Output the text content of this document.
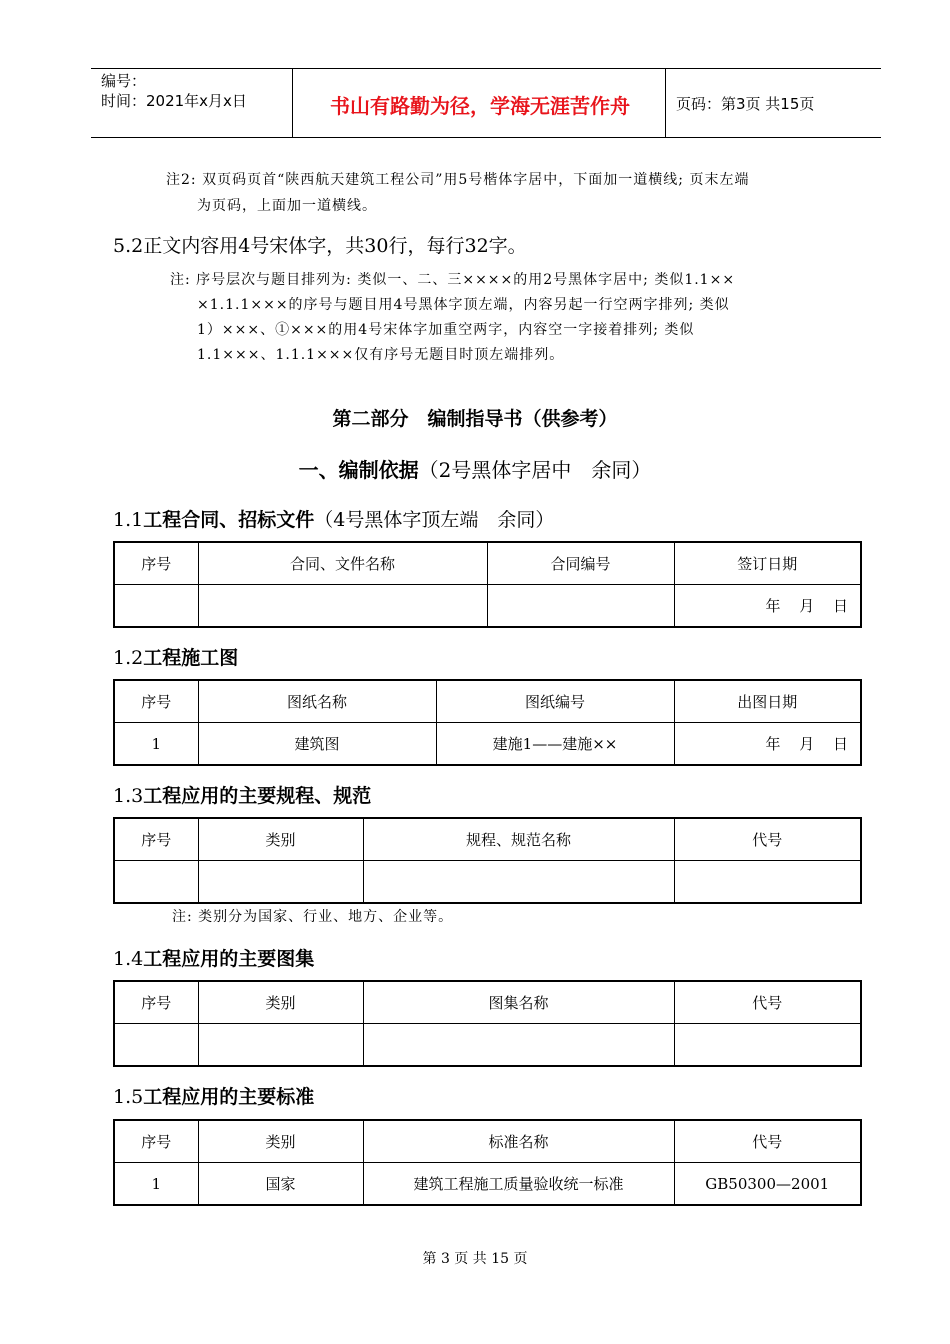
编号：
时间：2021年x月x日	书山有路勤为径，学海无涯苦作舟	页码：第3页 共15页
注2: 双页码页首“陕西航天建筑工程公司”用5号楷体字居中，下面加一道横线; 页末左端
为页码，上面加一道横线。
5.2正文内容用4号宋体字，共30行，每行32字。
注: 序号层次与题目排列为: 类似一、二、三××××的用2号黑体字居中; 类似1.1××
×1.1.1×××的序号与题目用4号黑体字顶左端，内容另起一行空两字排列; 类似
1）×××、①×××的用4号宋体字加重空两字，内容空一字接着排列; 类似
1.1×××、1.1.1×××仅有序号无题目时顶左端排列。
第二部分　编制指导书（供参考）
一、编制依据（2号黑体字居中　余同）
1.1工程合同、招标文件（4号黑体字顶左端　余同）
序号	合同、文件名称	合同编号	签订日期
			年 月 日
1.2工程施工图
序号	图纸名称	图纸编号	出图日期
1	建筑图	建施1——建施××	年 月 日
1.3工程应用的主要规程、规范
序号	类别	规程、规范名称	代号

注: 类别分为国家、行业、地方、企业等。
1.4工程应用的主要图集
序号	类别	图集名称	代号

1.5工程应用的主要标准
序号	类别	标准名称	代号
1	国家	建筑工程施工质量验收统一标准	GB50300—2001
第 3 页 共 15 页
